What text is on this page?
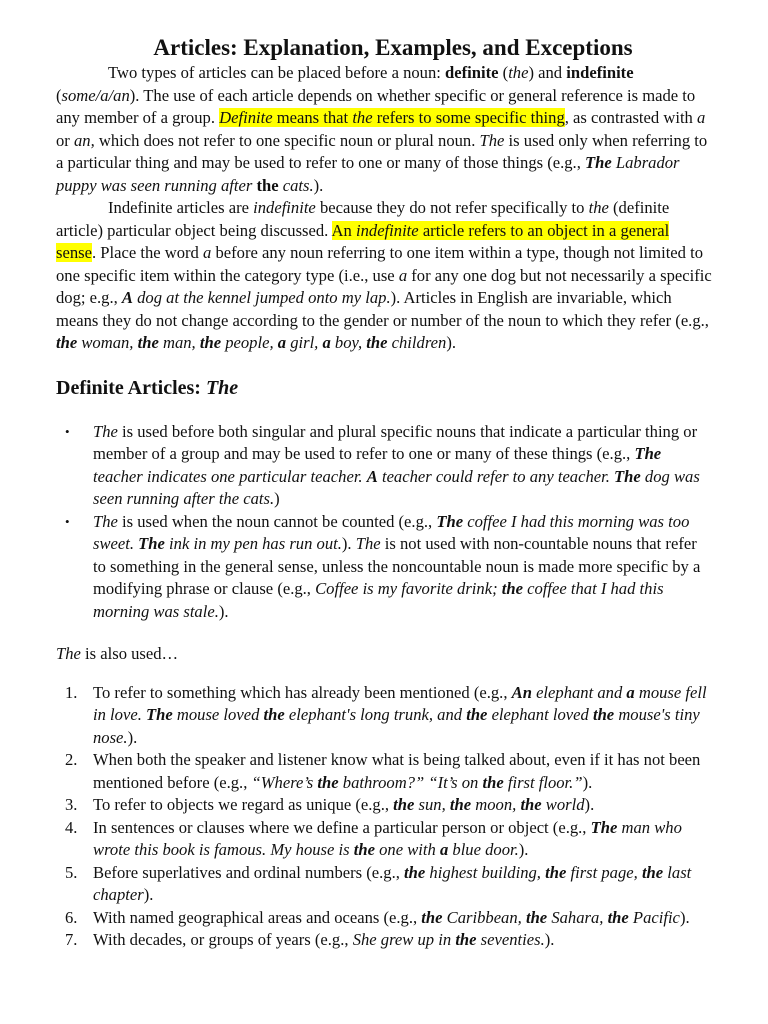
Articles: Explanation, Examples, and Exceptions

Two types of articles can be placed before a noun: definite (the) and indefinite (some/a/an). The use of each article depends on whether specific or general reference is made to any member of a group. Definite means that the refers to some specific thing, as contrasted with a or an, which does not refer to one specific noun or plural noun. The is used only when referring to a particular thing and may be used to refer to one or many of those things (e.g., The Labrador puppy was seen running after the cats.).

Indefinite articles are indefinite because they do not refer specifically to the (definite article) particular object being discussed. An indefinite article refers to an object in a general sense. Place the word a before any noun referring to one item within a type, though not limited to one specific item within the category type (i.e., use a for any one dog but not necessarily a specific dog; e.g., A dog at the kennel jumped onto my lap.). Articles in English are invariable, which means they do not change according to the gender or number of the noun to which they refer (e.g., the woman, the man, the people, a girl, a boy, the children).

Definite Articles: The
• The is used before both singular and plural specific nouns that indicate a particular thing or member of a group and may be used to refer to one or many of these things (e.g., The teacher indicates one particular teacher. A teacher could refer to any teacher. The dog was seen running after the cats.)
• The is used when the noun cannot be counted (e.g., The coffee I had this morning was too sweet. The ink in my pen has run out.). The is not used with non-countable nouns that refer to something in the general sense, unless the noncountable noun is made more specific by a modifying phrase or clause (e.g., Coffee is my favorite drink; the coffee that I had this morning was stale.).

The is also used…

1. To refer to something which has already been mentioned (e.g., An elephant and a mouse fell in love. The mouse loved the elephant's long trunk, and the elephant loved the mouse's tiny nose.).
2. When both the speaker and listener know what is being talked about, even if it has not been mentioned before (e.g., “Where’s the bathroom?” “It’s on the first floor.”).
3. To refer to objects we regard as unique (e.g., the sun, the moon, the world).
4. In sentences or clauses where we define a particular person or object (e.g., The man who wrote this book is famous. My house is the one with a blue door.).
5. Before superlatives and ordinal numbers (e.g., the highest building, the first page, the last chapter).
6. With named geographical areas and oceans (e.g., the Caribbean, the Sahara, the Pacific).
7. With decades, or groups of years (e.g., She grew up in the seventies.).
